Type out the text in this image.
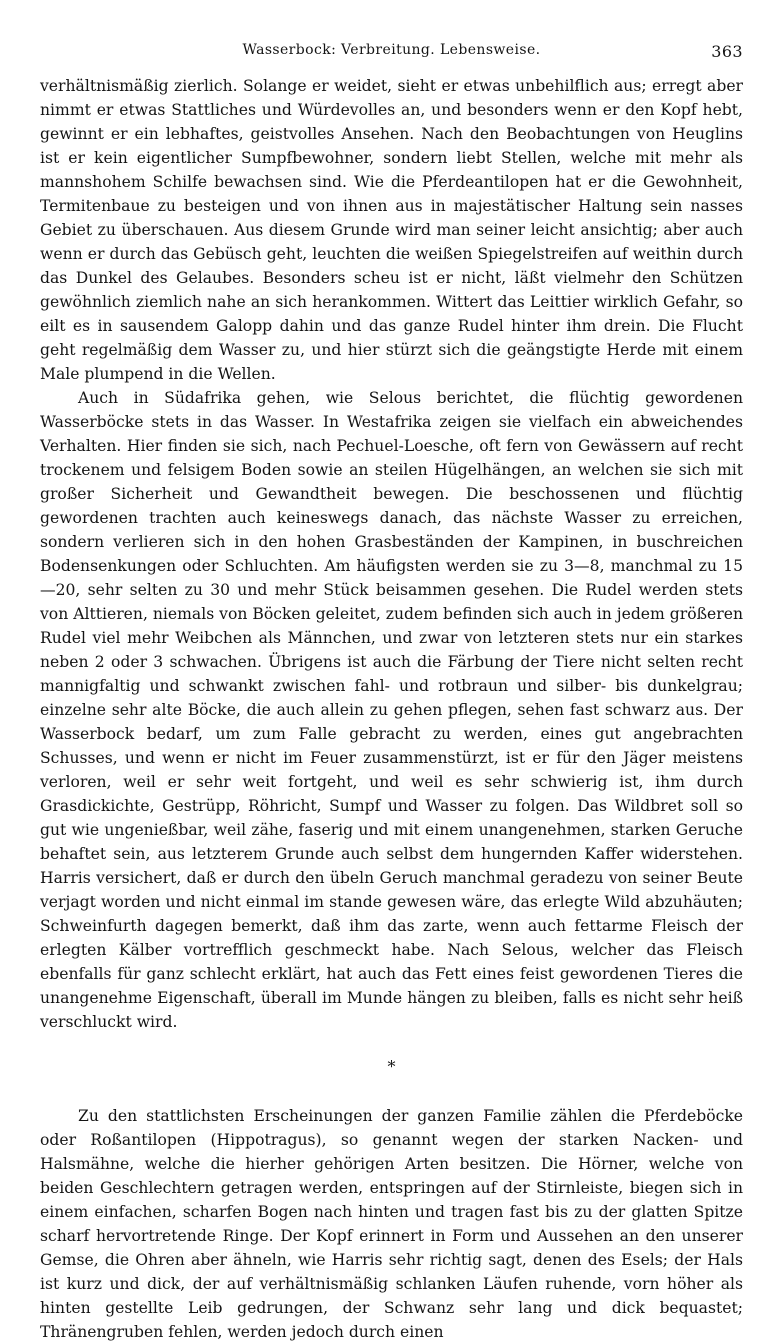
Wasserbock: Verbreitung. Lebensweise.	363

verhältnismäßig zierlich. Solange er weidet, sieht er etwas unbehilflich aus; erregt aber nimmt er etwas Stattliches und Würdevolles an, und besonders wenn er den Kopf hebt, gewinnt er ein lebhaftes, geistvolles Ansehen. Nach den Beobachtungen von Heuglins ist er kein eigentlicher Sumpfbewohner, sondern liebt Stellen, welche mit mehr als mannshohem Schilfe bewachsen sind. Wie die Pferdeantilopen hat er die Gewohnheit, Termitenbaue zu besteigen und von ihnen aus in majestätischer Haltung sein nasses Gebiet zu überschauen. Aus diesem Grunde wird man seiner leicht ansichtig; aber auch wenn er durch das Gebüsch geht, leuchten die weißen Spiegelstreifen auf weithin durch das Dunkel des Gelaubes. Besonders scheu ist er nicht, läßt vielmehr den Schützen gewöhnlich ziemlich nahe an sich herankommen. Wittert das Leittier wirklich Gefahr, so eilt es in sausendem Galopp dahin und das ganze Rudel hinter ihm drein. Die Flucht geht regelmäßig dem Wasser zu, und hier stürzt sich die geängstigte Herde mit einem Male plumpend in die Wellen.

Auch in Südafrika gehen, wie Selous berichtet, die flüchtig gewordenen Wasserböcke stets in das Wasser. In Westafrika zeigen sie vielfach ein abweichendes Verhalten. Hier finden sie sich, nach Pechuel-Loesche, oft fern von Gewässern auf recht trockenem und felsigem Boden sowie an steilen Hügelhängen, an welchen sie sich mit großer Sicherheit und Gewandtheit bewegen. Die beschossenen und flüchtig gewordenen trachten auch keineswegs danach, das nächste Wasser zu erreichen, sondern verlieren sich in den hohen Grasbeständen der Kampinen, in buschreichen Bodensenkungen oder Schluchten. Am häufigsten werden sie zu 3—8, manchmal zu 15—20, sehr selten zu 30 und mehr Stück beisammen gesehen. Die Rudel werden stets von Alttieren, niemals von Böcken geleitet, zudem befinden sich auch in jedem größeren Rudel viel mehr Weibchen als Männchen, und zwar von letzteren stets nur ein starkes neben 2 oder 3 schwachen. Übrigens ist auch die Färbung der Tiere nicht selten recht mannigfaltig und schwankt zwischen fahl- und rotbraun und silber- bis dunkelgrau; einzelne sehr alte Böcke, die auch allein zu gehen pflegen, sehen fast schwarz aus. Der Wasserbock bedarf, um zum Falle gebracht zu werden, eines gut angebrachten Schusses, und wenn er nicht im Feuer zusammenstürzt, ist er für den Jäger meistens verloren, weil er sehr weit fortgeht, und weil es sehr schwierig ist, ihm durch Grasdickichte, Gestrüpp, Röhricht, Sumpf und Wasser zu folgen. Das Wildbret soll so gut wie ungenießbar, weil zähe, faserig und mit einem unangenehmen, starken Geruche behaftet sein, aus letzterem Grunde auch selbst dem hungernden Kaffer widerstehen. Harris versichert, daß er durch den übeln Geruch manchmal geradezu von seiner Beute verjagt worden und nicht einmal im stande gewesen wäre, das erlegte Wild abzuhäuten; Schweinfurth dagegen bemerkt, daß ihm das zarte, wenn auch fettarme Fleisch der erlegten Kälber vortrefflich geschmeckt habe. Nach Selous, welcher das Fleisch ebenfalls für ganz schlecht erklärt, hat auch das Fett eines feist gewordenen Tieres die unangenehme Eigenschaft, überall im Munde hängen zu bleiben, falls es nicht sehr heiß verschluckt wird.

*

Zu den stattlichsten Erscheinungen der ganzen Familie zählen die Pferdeböcke oder Roßantilopen (Hippotragus), so genannt wegen der starken Nacken- und Halsmähne, welche die hierher gehörigen Arten besitzen. Die Hörner, welche von beiden Geschlechtern getragen werden, entspringen auf der Stirnleiste, biegen sich in einem einfachen, scharfen Bogen nach hinten und tragen fast bis zu der glatten Spitze scharf hervortretende Ringe. Der Kopf erinnert in Form und Aussehen an den unserer Gemse, die Ohren aber ähneln, wie Harris sehr richtig sagt, denen des Esels; der Hals ist kurz und dick, der auf verhältnismäßig schlanken Läufen ruhende, vorn höher als hinten gestellte Leib gedrungen, der Schwanz sehr lang und dick bequastet; Thränengruben fehlen, werden jedoch durch einen
